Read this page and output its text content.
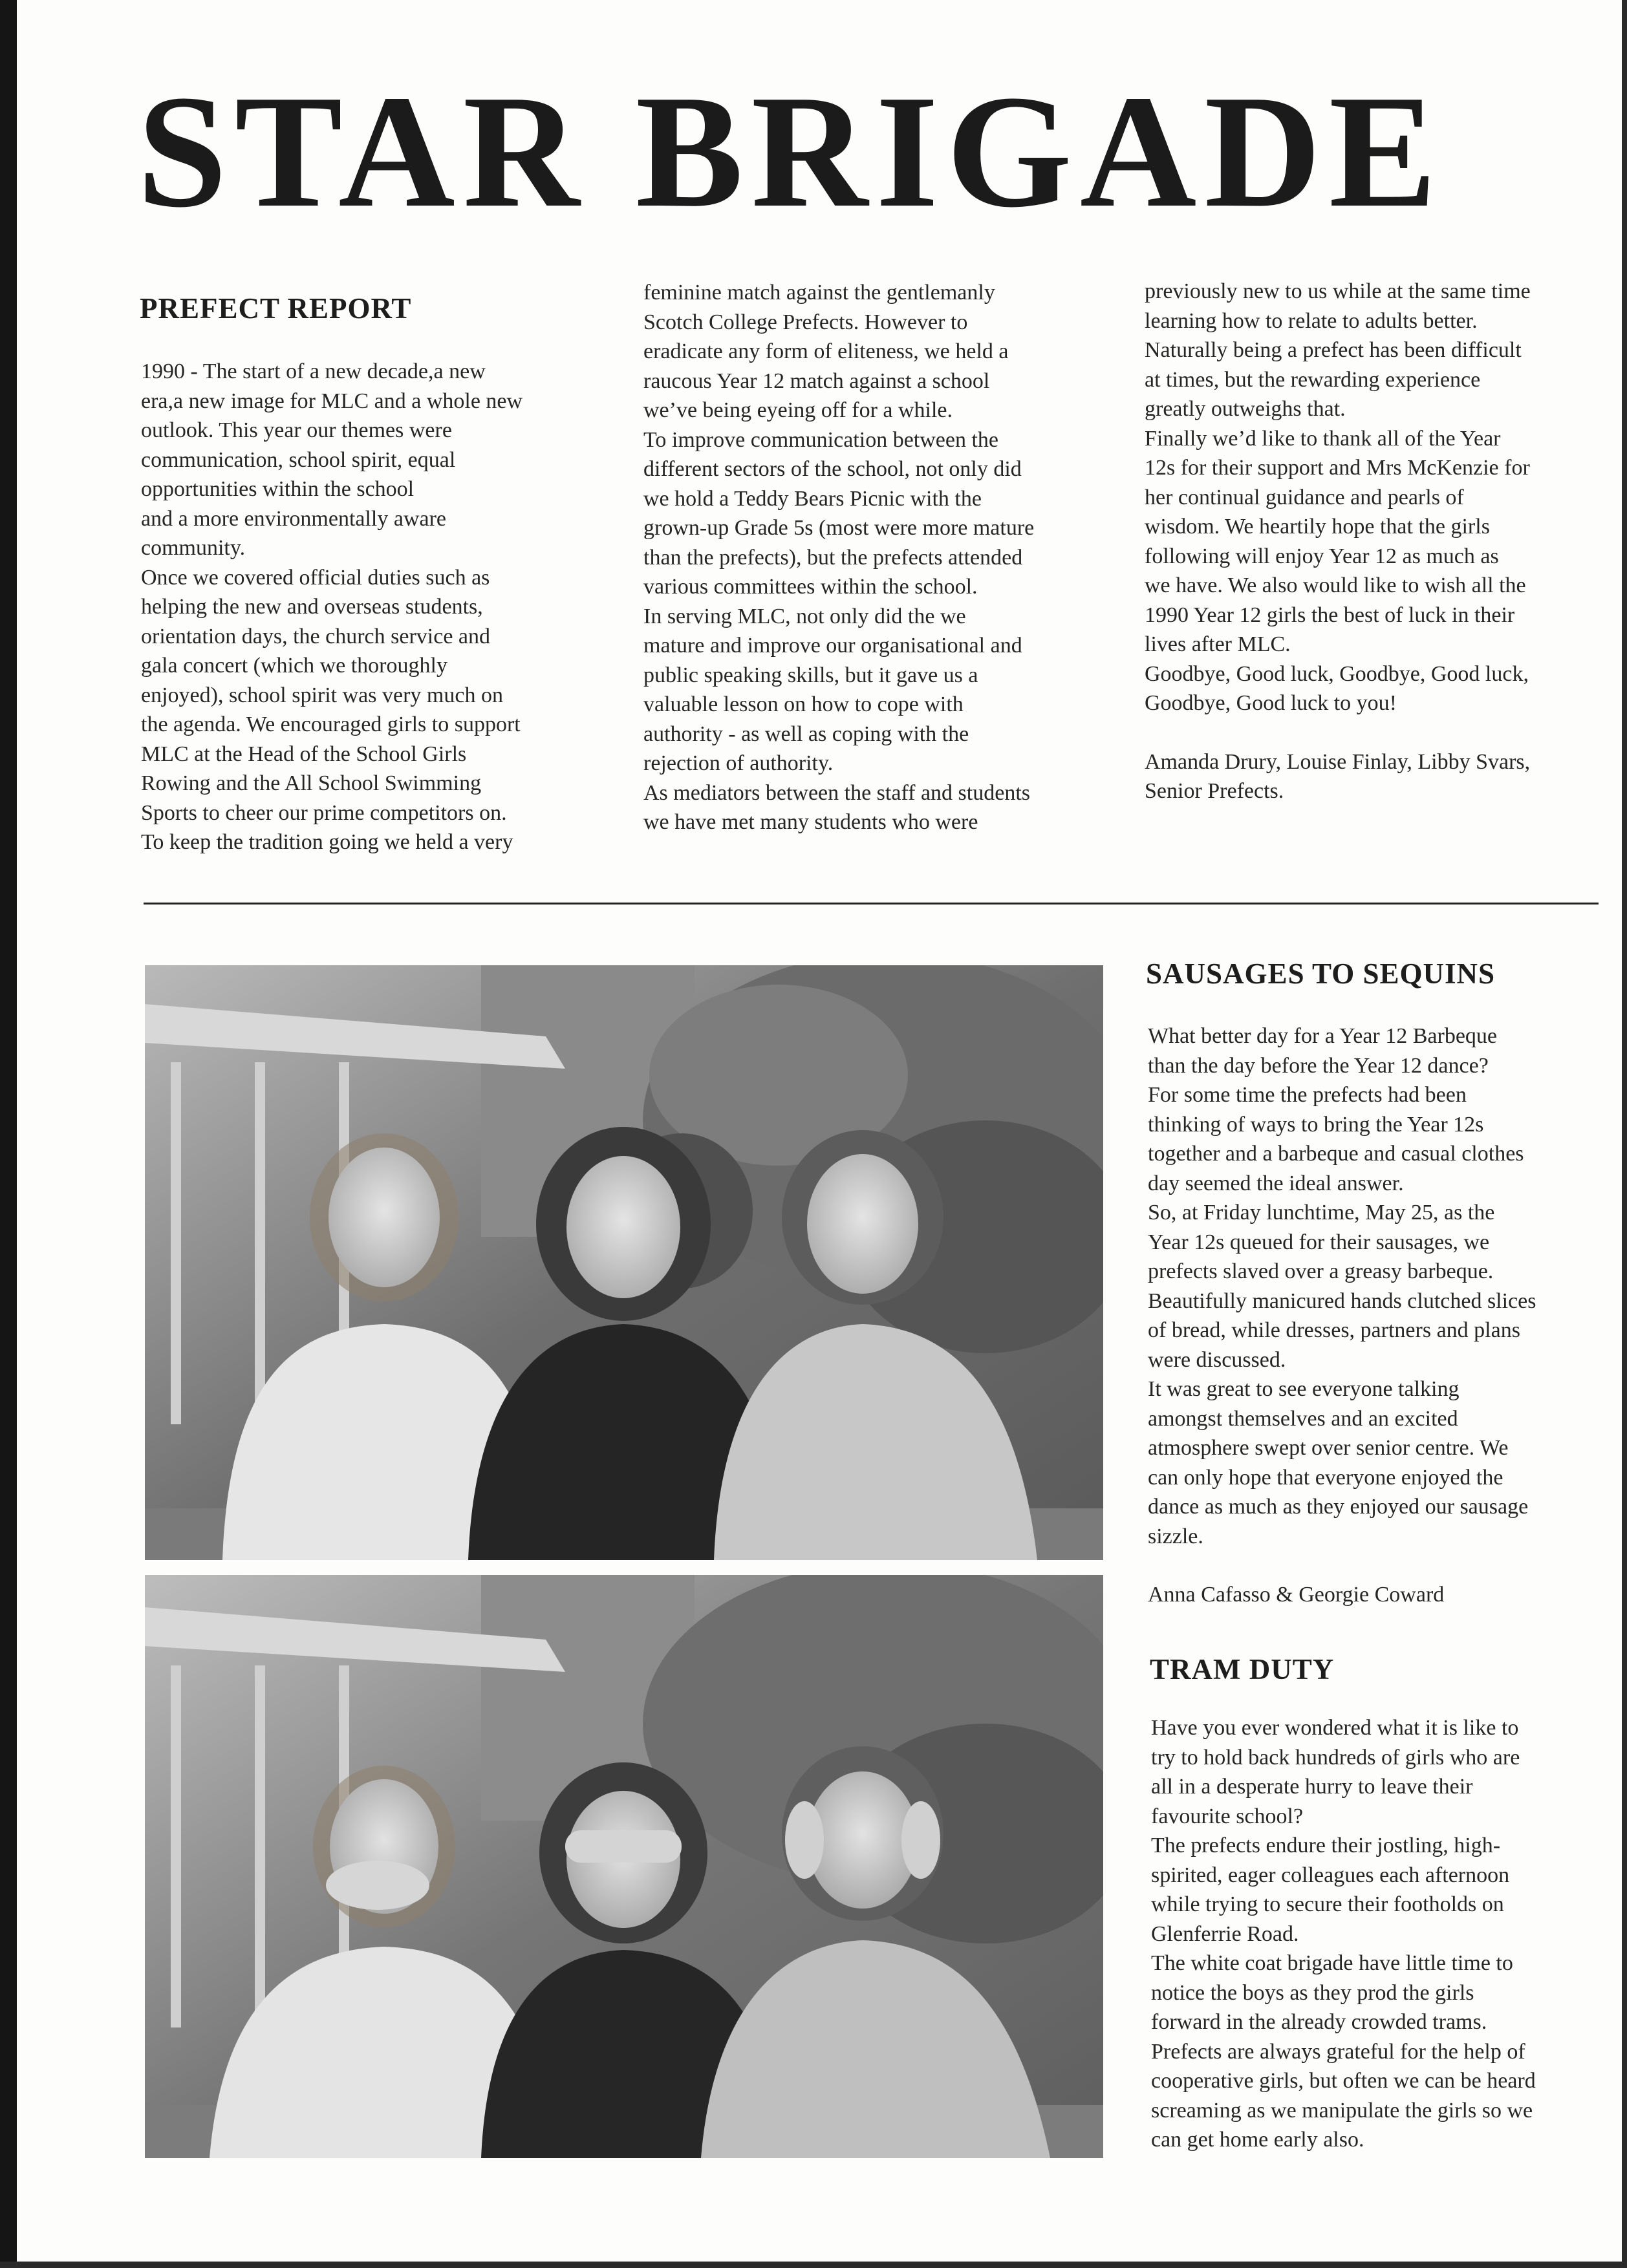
STAR BRIGADE
PREFECT REPORT

1990 - The start of a new decade,a new

era,a new image for MLC and a whole new

outlook. This year our themes were

communication, school spirit, equal

opportunities within the school

and a more environmentally aware

community.

Once we covered official duties such as

helping the new and overseas students,

orientation days, the church service and

gala concert (which we thoroughly

enjoyed), school spirit was very much on

the agenda. We encouraged girls to support

MLC at the Head of the School Girls

Rowing and the All School Swimming

Sports to cheer our prime competitors on.

To keep the tradition going we held a very

feminine match against the gentlemanly

Scotch College Prefects. However to

eradicate any form of eliteness, we held a

raucous Year 12 match against a school

we’ve being eyeing off for a while.

To improve communication between the

different sectors of the school, not only did

we hold a Teddy Bears Picnic with the

grown-up Grade 5s (most were more mature

than the prefects), but the prefects attended

various committees within the school.

In serving MLC, not only did the we

mature and improve our organisational and

public speaking skills, but it gave us a

valuable lesson on how to cope with

authority - as well as coping with the

rejection of authority.

As mediators between the staff and students

we have met many students who were

previously new to us while at the same time

learning how to relate to adults better.

Naturally being a prefect has been difficult

at times, but the rewarding experience

greatly outweighs that.

Finally we’d like to thank all of the Year

12s for their support and Mrs McKenzie for

her continual guidance and pearls of

wisdom. We heartily hope that the girls

following will enjoy Year 12 as much as

we have. We also would like to wish all the

1990 Year 12 girls the best of luck in their

lives after MLC.

Goodbye, Good luck, Goodbye, Good luck,

Goodbye, Good luck to you!

Amanda Drury, Louise Finlay, Libby Svars,

Senior Prefects.

SAUSAGES TO SEQUINS

What better day for a Year 12 Barbeque

than the day before the Year 12 dance?

For some time the prefects had been

thinking of ways to bring the Year 12s

together and a barbeque and casual clothes

day seemed the ideal answer.

So, at Friday lunchtime, May 25, as the

Year 12s queued for their sausages, we

prefects slaved over a greasy barbeque.

Beautifully manicured hands clutched slices

of bread, while dresses, partners and plans

were discussed.

It was great to see everyone talking

amongst themselves and an excited

atmosphere swept over senior centre. We

can only hope that everyone enjoyed the

dance as much as they enjoyed our sausage

sizzle.

Anna Cafasso & Georgie Coward

TRAM DUTY

Have you ever wondered what it is like to

try to hold back hundreds of girls who are

all in a desperate hurry to leave their

favourite school?

The prefects endure their jostling, high-

spirited, eager colleagues each afternoon

while trying to secure their footholds on

Glenferrie Road.

The white coat brigade have little time to

notice the boys as they prod the girls

forward in the already crowded trams.

Prefects are always grateful for the help of

cooperative girls, but often we can be heard

screaming as we manipulate the girls so we

can get home early also.
